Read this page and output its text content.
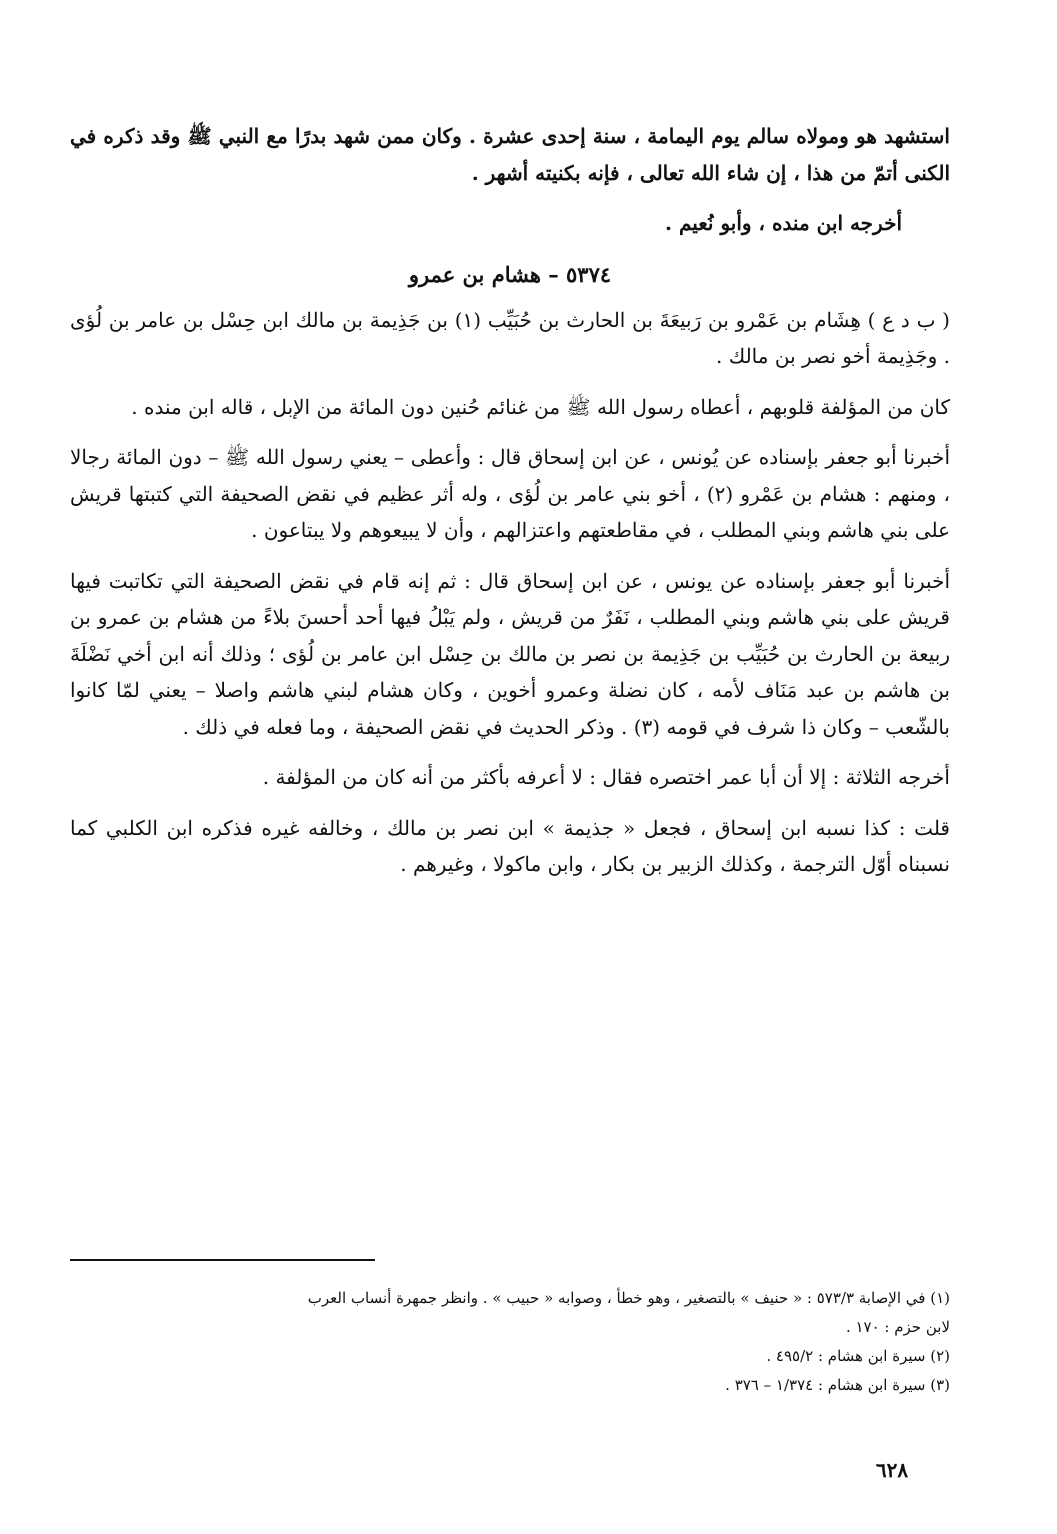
استشهد هو ومولاه سالم يوم اليمامة ، سنة إحدى عشرة . وكان ممن شهد بدرًا مع النبي ﷺ وقد ذكره في الكنى أتمّ من هذا ، إن شاء الله تعالى ، فإنه بكنيته أشهر .

أخرجه ابن منده ، وأبو نُعيم .

٥٣٧٤ – هشام بن عمرو

( ب د ع ) هِشَام بن عَمْرو بن رَبيعَةَ بن الحارث بن حُبَيِّب (١) بن جَذِيمة بن مالك ابن حِسْل بن عامر بن لُؤى . وجَذِيمة أخو نصر بن مالك .

كان من المؤلفة قلوبهم ، أعطاه رسول الله ﷺ من غنائم حُنين دون المائة من الإبل ، قاله ابن منده .

أخبرنا أبو جعفر بإسناده عن يُونس ، عن ابن إسحاق قال : وأعطى – يعني رسول الله ﷺ – دون المائة رجالا ، ومنهم : هشام بن عَمْرو (٢) ، أخو بني عامر بن لُؤى ، وله أثر عظيم في نقض الصحيفة التي كتبتها قريش على بني هاشم وبني المطلب ، في مقاطعتهم واعتزالهم ، وأن لا يبيعوهم ولا يبتاعون .

أخبرنا أبو جعفر بإسناده عن يونس ، عن ابن إسحاق قال : ثم إنه قام في نقض الصحيفة التي تكاتبت فيها قريش على بني هاشم وبني المطلب ، نَفَرٌ من قريش ، ولم يَبْلُ فيها أحد أحسنَ بلاءً من هشام بن عمرو بن ربيعة بن الحارث بن حُبَيِّب بن جَذِيمة بن نصر بن مالك بن حِسْل ابن عامر بن لُؤى ؛ وذلك أنه ابن أخي نَضْلَةَ بن هاشم بن عبد مَنَاف لأمه ، كان نضلة وعمرو أخوين ، وكان هشام لبني هاشم واصلا – يعني لمّا كانوا بالشّعب – وكان ذا شرف في قومه (٣) . وذكر الحديث في نقض الصحيفة ، وما فعله في ذلك .

أخرجه الثلاثة : إلا أن أبا عمر اختصره فقال : لا أعرفه بأكثر من أنه كان من المؤلفة .

قلت : كذا نسبه ابن إسحاق ، فجعل « جذيمة » ابن نصر بن مالك ، وخالفه غيره فذكره ابن الكلبي كما نسبناه أوّل الترجمة ، وكذلك الزبير بن بكار ، وابن ماكولا ، وغيرهم .

(١) في الإصابة ٥٧٣/٣ : « حنيف » بالتصغير ، وهو خطأ ، وصوابه « حبيب » . وانظر جمهرة أنساب العرب

لابن حزم : ١٧٠ .

(٢) سيرة ابن هشام : ٤٩٥/٢ .

(٣) سيرة ابن هشام : ١/٣٧٤ – ٣٧٦ .

٦٢٨
